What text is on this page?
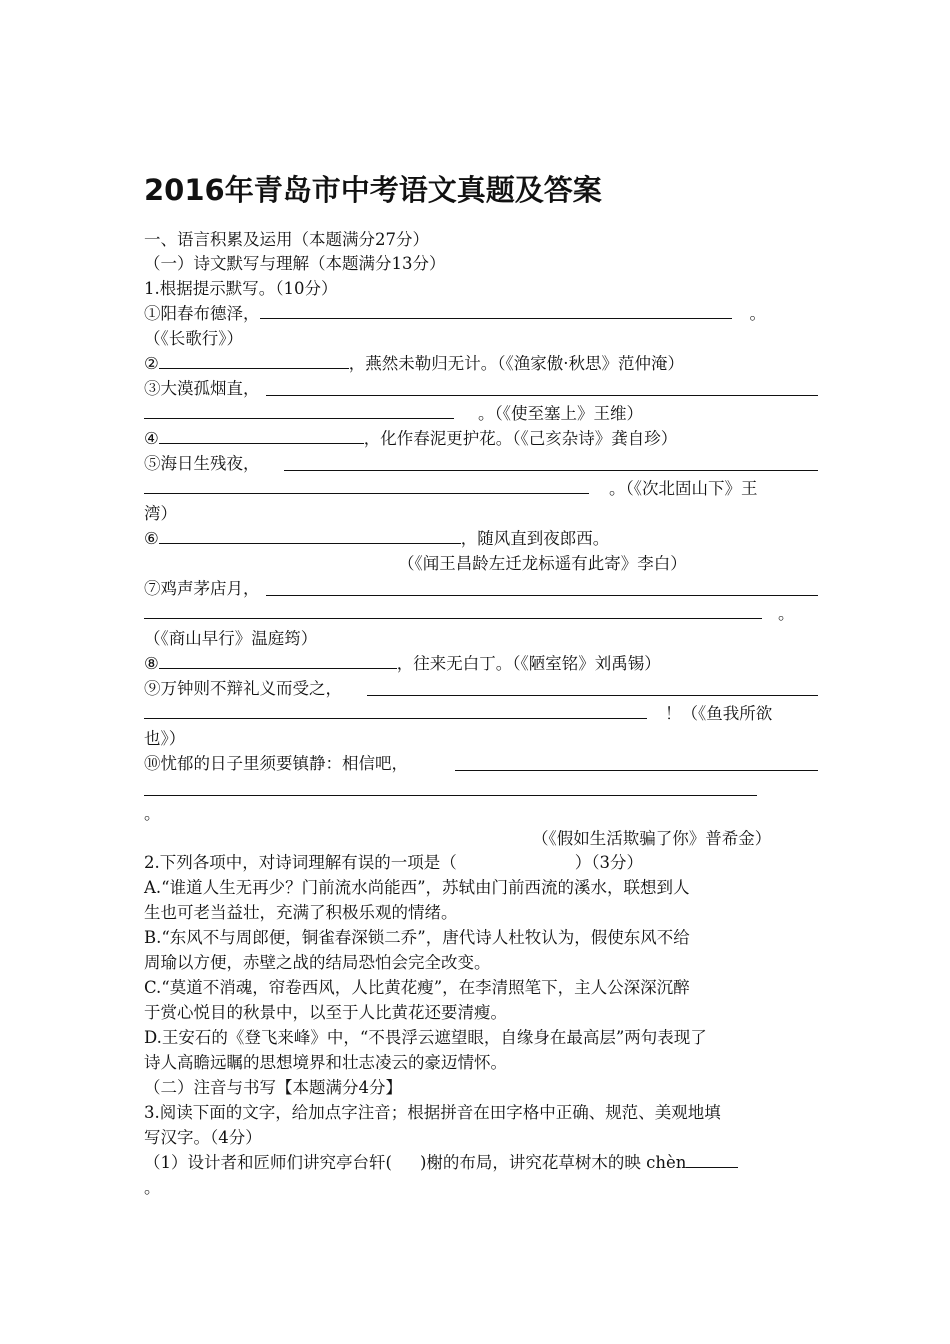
2016年青岛市中考语文真题及答案
一、语言积累及运用（本题满分27分）
（一）诗文默写与理解（本题满分13分）
1.根据提示默写。（10分）
①阳春布德泽，	。
（《长歌行》）
②	，燕然未勒归无计。（《渔家傲·秋思》范仲淹）
③大漠孤烟直，
。（《使至塞上》王维）
④	，化作春泥更护花。（《己亥杂诗》龚自珍）
⑤海日生残夜，
。（《次北固山下》王
湾）
⑥	，随风直到夜郎西。
（《闻王昌龄左迁龙标遥有此寄》李白）
⑦鸡声茅店月，
。
（《商山早行》温庭筠）
⑧	，往来无白丁。（《陋室铭》刘禹锡）
⑨万钟则不辩礼义而受之，
！（《鱼我所欲
也》）
⑩忧郁的日子里须要镇静：相信吧，
。
（《假如生活欺骗了你》普希金）
2.下列各项中，对诗词理解有误的一项是（	）（3分）
A.“谁道人生无再少？门前流水尚能西”，苏轼由门前西流的溪水，联想到人
生也可老当益壮，充满了积极乐观的情绪。
B.“东风不与周郎便，铜雀春深锁二乔”，唐代诗人杜牧认为，假使东风不给
周瑜以方便，赤壁之战的结局恐怕会完全改变。
C.“莫道不消魂，帘卷西风，人比黄花瘦”，在李清照笔下，主人公深深沉醉
于赏心悦目的秋景中，以至于人比黄花还要清瘦。
D.王安石的《登飞来峰》中，“不畏浮云遮望眼，自缘身在最高层”两句表现了
诗人高瞻远瞩的思想境界和壮志凌云的豪迈情怀。
（二）注音与书写【本题满分4分】
3.阅读下面的文字，给加点字注音；根据拼音在田字格中正确、规范、美观地填
写汉字。（4分）
（1）设计者和匠师们讲究亭台轩( )榭的布局，讲究花草树木的映 chèn
。
